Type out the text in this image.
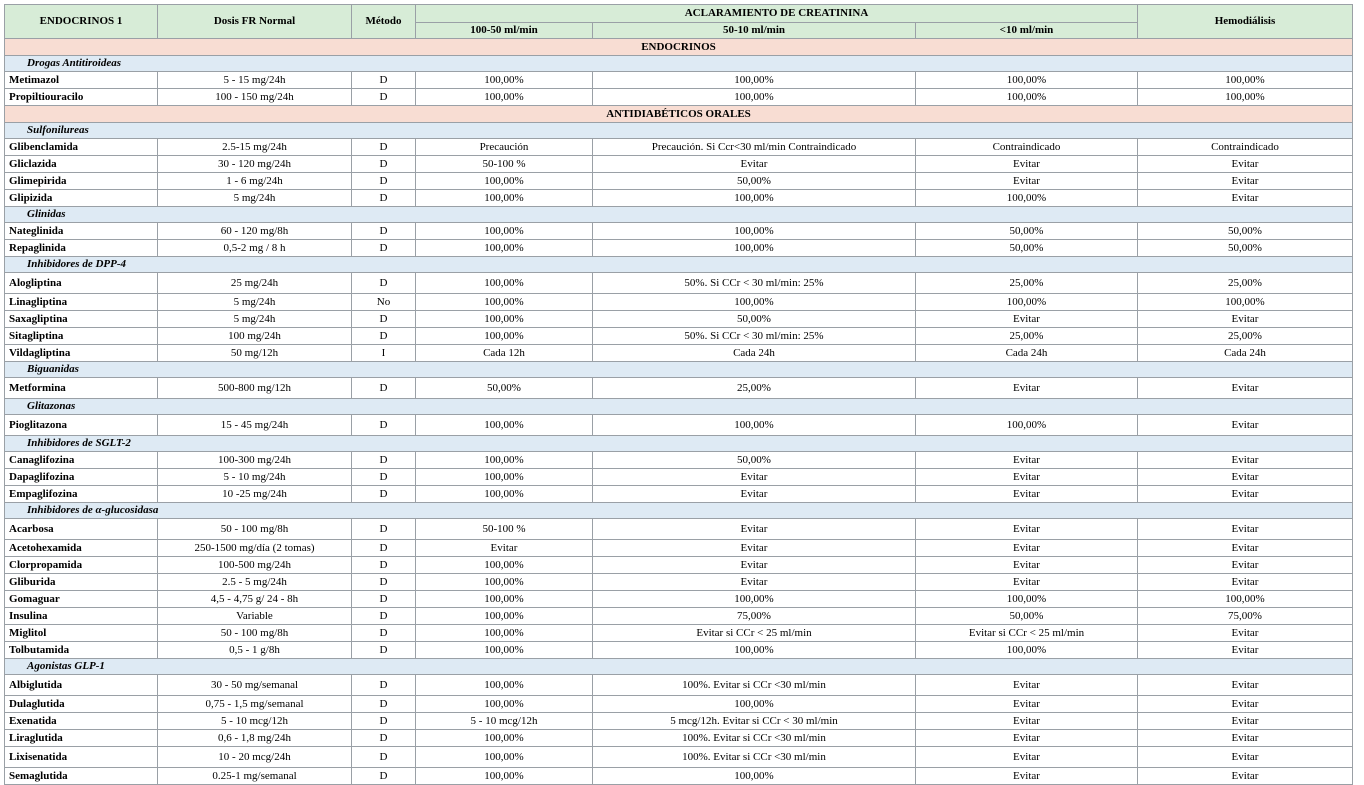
ENDOCRINOS 1	Dosis FR Normal	Método	ACLARAMIENTO DE CREATININA			Hemodiálisis
			100-50 ml/min	50-10 ml/min	<10 ml/min	
ENDOCRINOS						
Drogas Antitiroideas						
Metimazol	5 - 15 mg/24h	D	100,00%	100,00%	100,00%	100,00%
Propiltiouracilo	100 - 150 mg/24h	D	100,00%	100,00%	100,00%	100,00%
ANTIDIABÉTICOS ORALES						
Sulfonilureas						
Glibenclamida	2.5-15 mg/24h	D	Precaución	Precaución. Si Ccr<30 ml/min Contraindicado	Contraindicado	Contraindicado
Gliclazida	30 - 120 mg/24h	D	50-100 %	Evitar	Evitar	Evitar
Glimepirida	1 - 6 mg/24h	D	100,00%	50,00%	Evitar	Evitar
Glipizida	5 mg/24h	D	100,00%	100,00%	100,00%	Evitar
Glinidas						
Nateglinida	60 - 120 mg/8h	D	100,00%	100,00%	50,00%	50,00%
Repaglinida	0,5-2 mg / 8 h	D	100,00%	100,00%	50,00%	50,00%
Inhibidores de DPP-4						
Alogliptina	25 mg/24h	D	100,00%	50%. Si CCr < 30 ml/min: 25%	25,00%	25,00%
Linagliptina	5 mg/24h	No	100,00%	100,00%	100,00%	100,00%
Saxagliptina	5 mg/24h	D	100,00%	50,00%	Evitar	Evitar
Sitagliptina	100 mg/24h	D	100,00%	50%. Si CCr < 30 ml/min: 25%	25,00%	25,00%
Vildagliptina	50 mg/12h	I	Cada 12h	Cada 24h	Cada 24h	Cada 24h
Biguanidas						
Metformina	500-800 mg/12h	D	50,00%	25,00%	Evitar	Evitar
Glitazonas						
Pioglitazona	15 - 45 mg/24h	D	100,00%	100,00%	100,00%	Evitar
Inhibidores de SGLT-2						
Canaglifozina	100-300 mg/24h	D	100,00%	50,00%	Evitar	Evitar
Dapaglifozina	5 - 10 mg/24h	D	100,00%	Evitar	Evitar	Evitar
Empaglifozina	10 -25 mg/24h	D	100,00%	Evitar	Evitar	Evitar
Inhibidores de α-glucosidasa						
Acarbosa	50 - 100 mg/8h	D	50-100 %	Evitar	Evitar	Evitar
Acetohexamida	250-1500 mg/día (2 tomas)	D	Evitar	Evitar	Evitar	Evitar
Clorpropamida	100-500 mg/24h	D	100,00%	Evitar	Evitar	Evitar
Gliburida	2.5 - 5 mg/24h	D	100,00%	Evitar	Evitar	Evitar
Gomaguar	4,5 - 4,75 g/ 24 - 8h	D	100,00%	100,00%	100,00%	100,00%
Insulina	Variable	D	100,00%	75,00%	50,00%	75,00%
Miglitol	50 - 100 mg/8h	D	100,00%	Evitar si CCr < 25 ml/min	Evitar si CCr < 25 ml/min	Evitar
Tolbutamida	0,5 - 1 g/8h	D	100,00%	100,00%	100,00%	Evitar
Agonistas GLP-1						
Albiglutida	30 - 50 mg/semanal	D	100,00%	100%. Evitar si CCr <30 ml/min	Evitar	Evitar
Dulaglutida	0,75 - 1,5 mg/semanal	D	100,00%	100,00%	Evitar	Evitar
Exenatida	5 - 10 mcg/12h	D	5 - 10 mcg/12h	5 mcg/12h. Evitar si CCr < 30 ml/min	Evitar	Evitar
Liraglutida	0,6 - 1,8 mg/24h	D	100,00%	100%. Evitar si CCr <30 ml/min	Evitar	Evitar
Lixisenatida	10 - 20 mcg/24h	D	100,00%	100%. Evitar si CCr <30 ml/min	Evitar	Evitar
Semaglutida	0.25-1 mg/semanal	D	100,00%	100,00%	Evitar	Evitar
